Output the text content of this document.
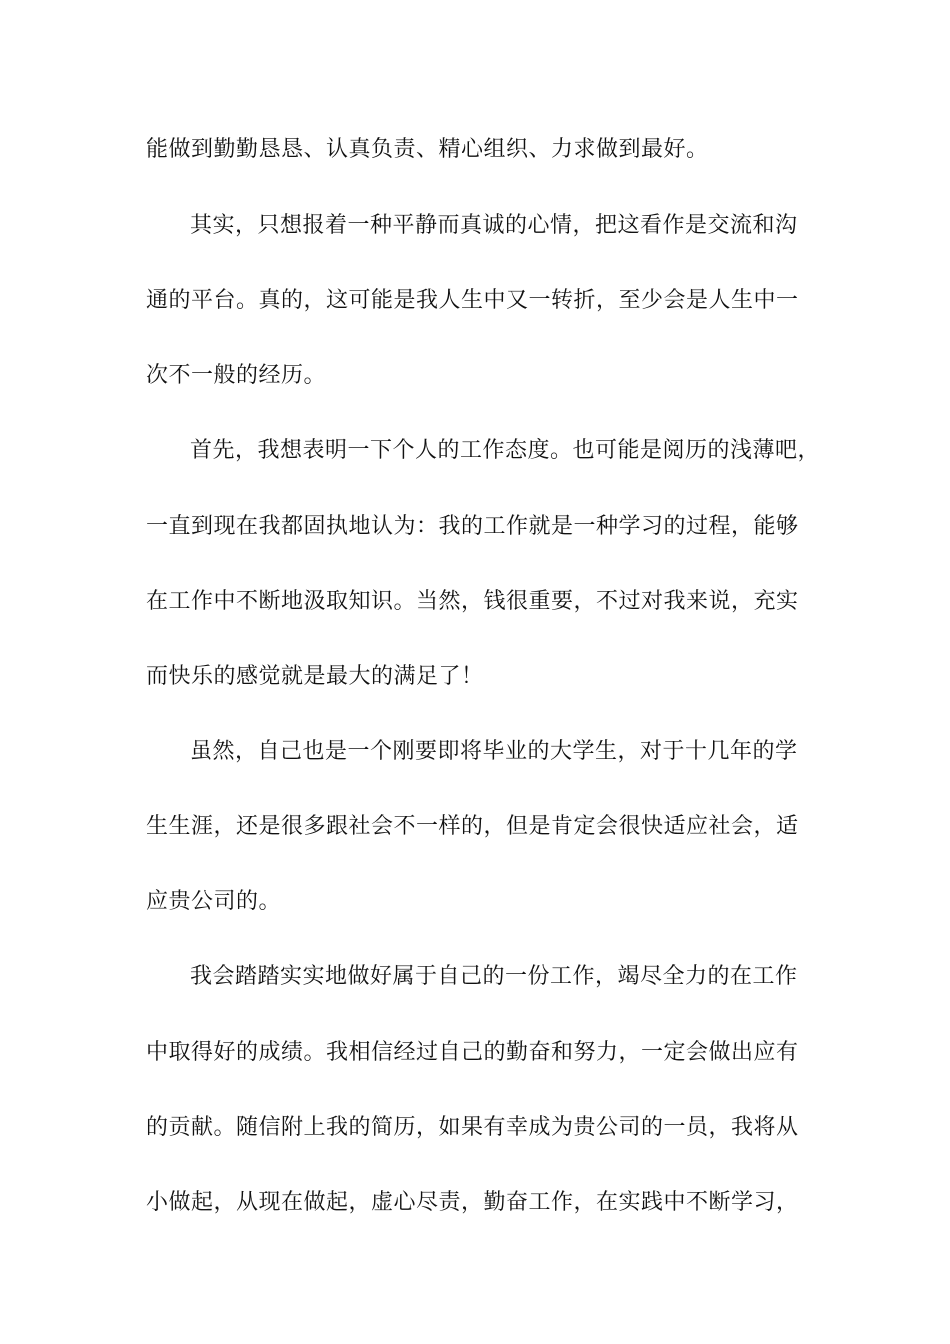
能做到勤勤恳恳、认真负责、精心组织、力求做到最好。
其实，只想报着一种平静而真诚的心情，把这看作是交流和沟
通的平台。真的，这可能是我人生中又一转折，至少会是人生中一
次不一般的经历。
首先，我想表明一下个人的工作态度。也可能是阅历的浅薄吧，
一直到现在我都固执地认为：我的工作就是一种学习的过程，能够
在工作中不断地汲取知识。当然，钱很重要，不过对我来说，充实
而快乐的感觉就是最大的满足了！
虽然，自己也是一个刚要即将毕业的大学生，对于十几年的学
生生涯，还是很多跟社会不一样的，但是肯定会很快适应社会，适
应贵公司的。
我会踏踏实实地做好属于自己的一份工作，竭尽全力的在工作
中取得好的成绩。我相信经过自己的勤奋和努力，一定会做出应有
的贡献。随信附上我的简历，如果有幸成为贵公司的一员，我将从
小做起，从现在做起，虚心尽责，勤奋工作，在实践中不断学习，
